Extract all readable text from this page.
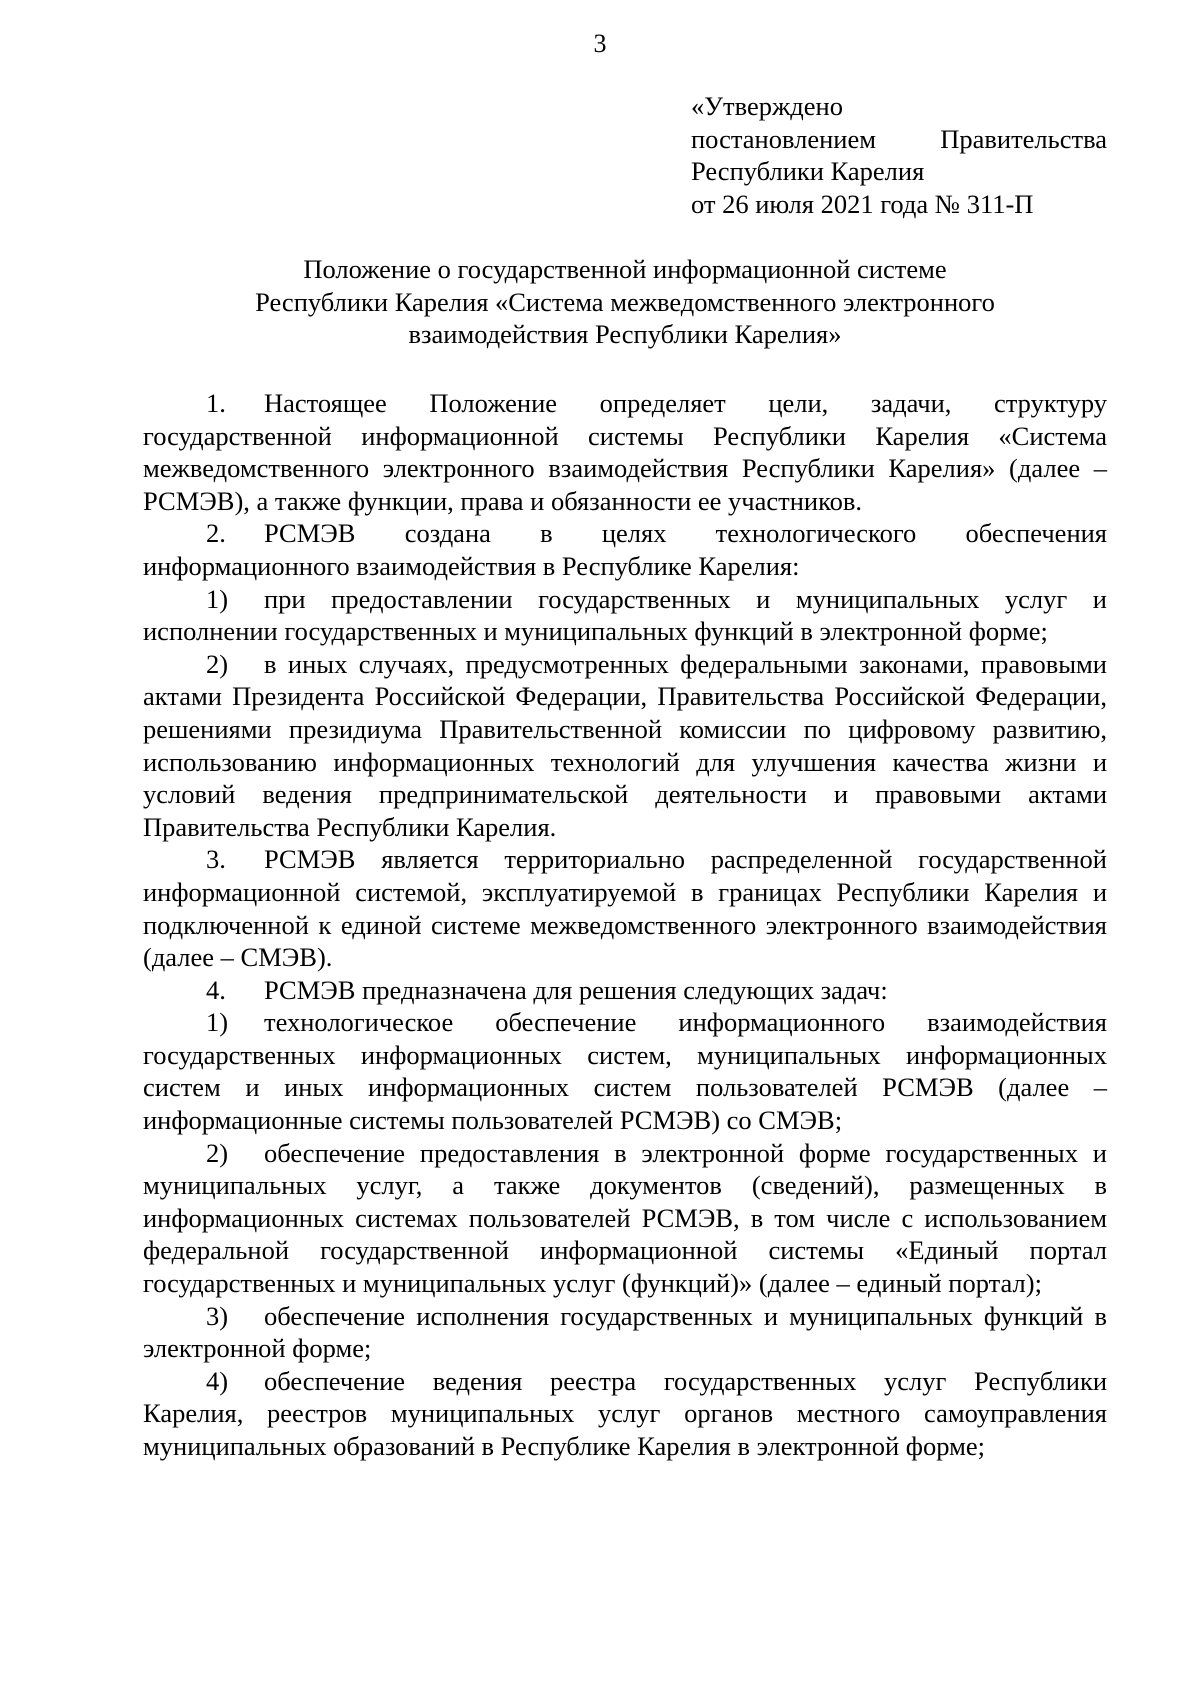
3
«Утверждено
постановлением Правительства
Республики Карелия
от 26 июля 2021 года № 311-П
Положение о государственной информационной системе
Республики Карелия «Система межведомственного электронного
взаимодействия Республики Карелия»

1. Настоящее Положение определяет цели, задачи, структуру государственной информационной системы Республики Карелия «Система межведомственного электронного взаимодействия Республики Карелия» (далее – РСМЭВ), а также функции, права и обязанности ее участников.

2. РСМЭВ создана в целях технологического обеспечения информационного взаимодействия в Республике Карелия:

1) при предоставлении государственных и муниципальных услуг и исполнении государственных и муниципальных функций в электронной форме;

2) в иных случаях, предусмотренных федеральными законами, правовыми актами Президента Российской Федерации, Правительства Российской Федерации, решениями президиума Правительственной комиссии по цифровому развитию, использованию информационных технологий для улучшения качества жизни и условий ведения предпринимательской деятельности и правовыми актами Правительства Республики Карелия.

3. РСМЭВ является территориально распределенной государственной информационной системой, эксплуатируемой в границах Республики Карелия и подключенной к единой системе межведомственного электронного взаимодействия (далее – СМЭВ).

4. РСМЭВ предназначена для решения следующих задач:

1) технологическое обеспечение информационного взаимодействия государственных информационных систем, муниципальных информационных систем и иных информационных систем пользователей РСМЭВ (далее – информационные системы пользователей РСМЭВ) со СМЭВ;

2) обеспечение предоставления в электронной форме государственных и муниципальных услуг, а также документов (сведений), размещенных в информационных системах пользователей РСМЭВ, в том числе с использованием федеральной государственной информационной системы «Единый портал государственных и муниципальных услуг (функций)» (далее – единый портал);

3) обеспечение исполнения государственных и муниципальных функций в электронной форме;

4) обеспечение ведения реестра государственных услуг Республики Карелия, реестров муниципальных услуг органов местного самоуправления муниципальных образований в Республике Карелия в электронной форме;
